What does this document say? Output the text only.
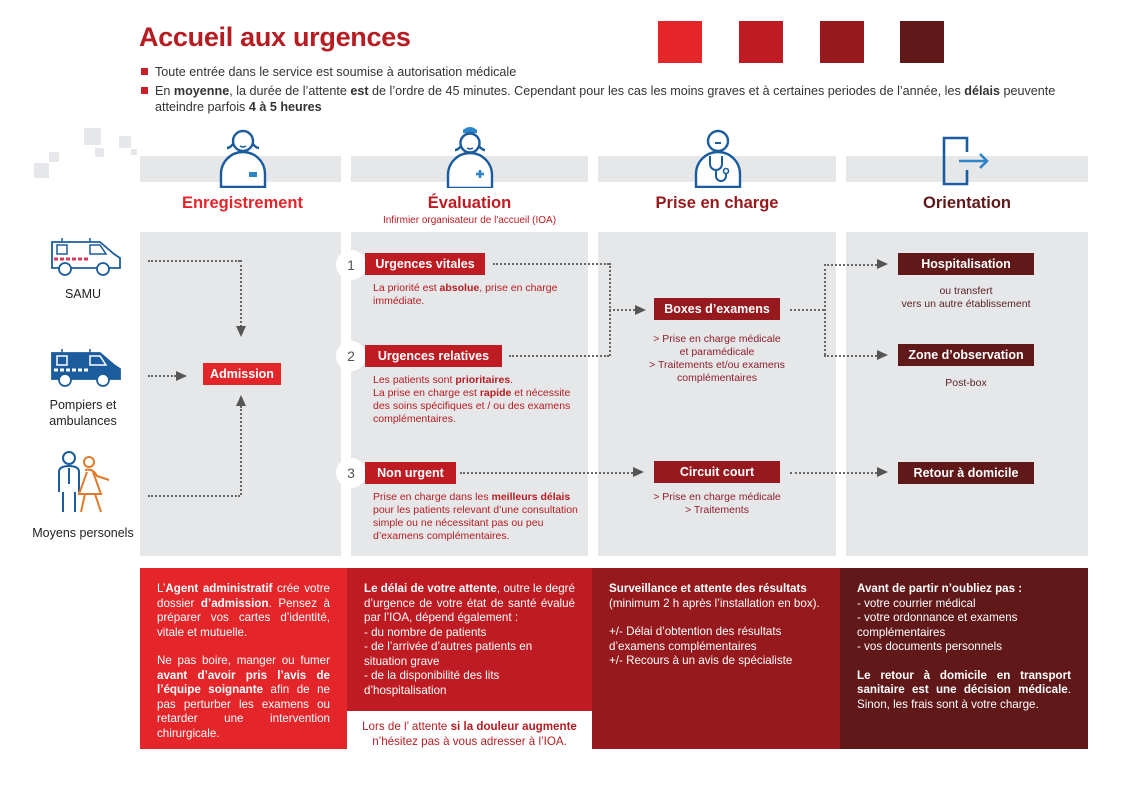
Accueil aux urgences
Toute entrée dans le service est soumise à autorisation médicale
En moyenne, la durée de l’attente est de l’ordre de 45 minutes. Cependant pour les cas les moins graves et à certaines periodes de l’année, les délais peuvente atteindre parfois 4 à 5 heures
Enregistrement	Évaluation
Infirmier organisateur de l'accueil (IOA)
Prise en charge	Orientation
SAMU
Pompiers et ambulances
Moyens personels
Admission
1	Urgences vitales
La priorité est absolue, prise en charge immédiate.
2	Urgences relatives
Les patients sont prioritaires.
La prise en charge est rapide et nécessite des soins spécifiques et / ou des examens complémentaires.
3	Non urgent
Prise en charge dans les meilleurs délais pour les patients relevant d’une consultation simple ou ne nécessitant pas ou peu d’examens complémentaires.
Boxes d’examens
> Prise en charge médicale
et paramédicale
> Traitements et/ou examens
complémentaires
Circuit court
> Prise en charge médicale
> Traitements
Hospitalisation
ou transfert
vers un autre établissement
Zone d’observation
Post-box
Retour à domicile

L’Agent administratif crée votre dossier d’admission. Pensez à préparer vos cartes d’identité, vitale et mutuelle.

Ne pas boire, manger ou fumer avant d’avoir pris l’avis de l’équipe soignante afin de ne pas perturber les examens ou retarder une intervention chirurgicale.

Le délai de votre attente, outre le degré d’urgence de votre état de santé évalué par l’IOA, dépend également :
- du nombre de patients
- de l’arrivée d’autres patients en situation grave
- de la disponibilité des lits d’hospitalisation
Lors de l’ attente si la douleur augmente
n’hésitez pas à vous adresser à l’IOA.
Surveillance et attente des résultats

(minimum 2 h après l’installation en box).

+/- Délai d’obtention des résultats d’examens complémentaires
+/- Recours à un avis de spécialiste
Avant de partir n’oubliez pas :

- votre courrier médical
- votre ordonnance et examens complémentaires
- vos documents personnels

Le retour à domicile en transport sanitaire est une décision médicale. Sinon, les frais sont à votre charge.
